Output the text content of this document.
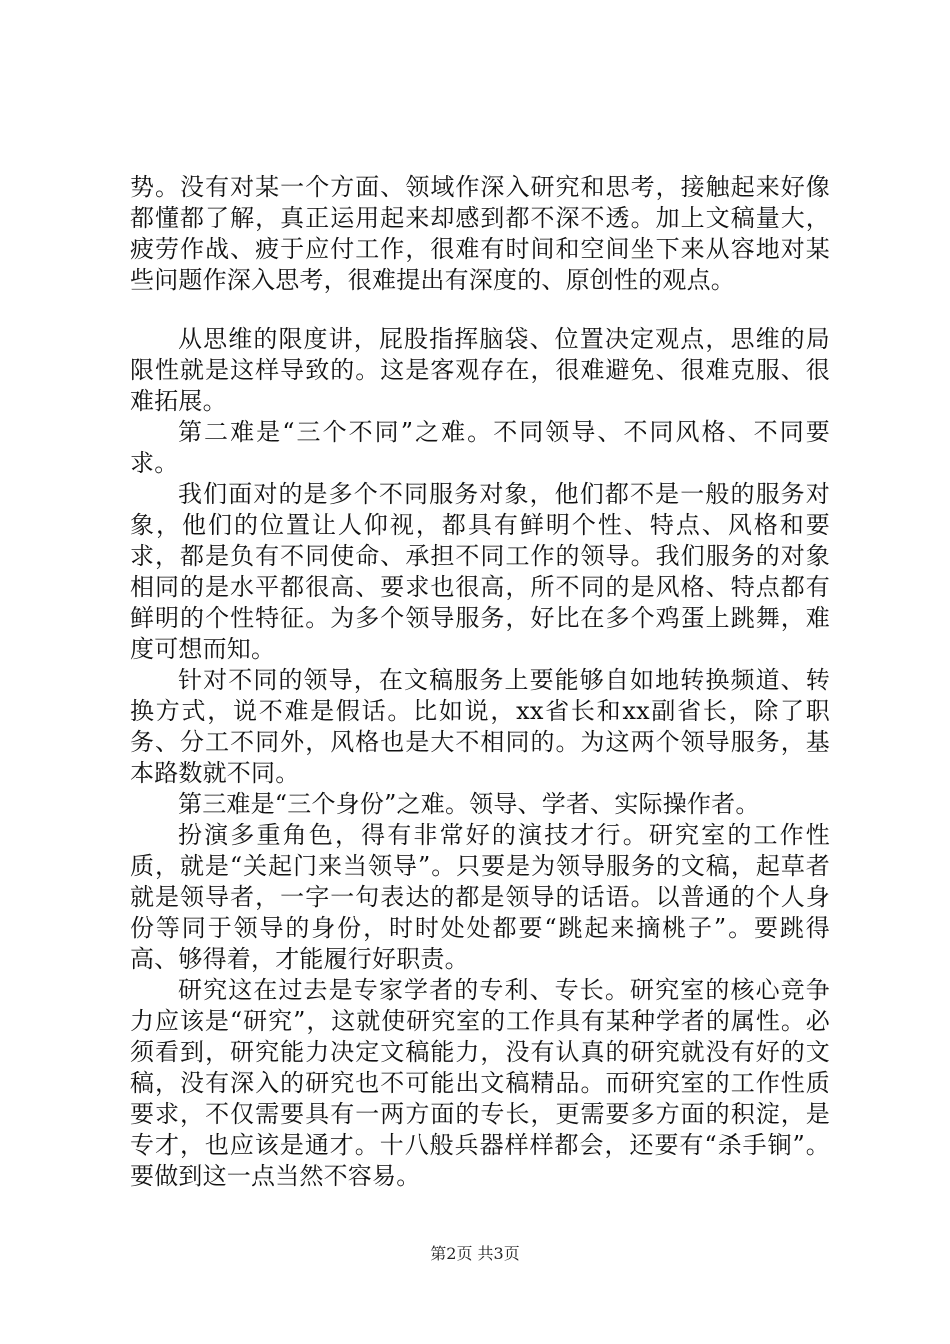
势。没有对某一个方面、领域作深入研究和思考，接触起来好像都懂都了解，真正运用起来却感到都不深不透。加上文稿量大，疲劳作战、疲于应付工作，很难有时间和空间坐下来从容地对某些问题作深入思考，很难提出有深度的、原创性的观点。

从思维的限度讲，屁股指挥脑袋、位置决定观点，思维的局限性就是这样导致的。这是客观存在，很难避免、很难克服、很难拓展。

第二难是“三个不同”之难。不同领导、不同风格、不同要求。

我们面对的是多个不同服务对象，他们都不是一般的服务对象，他们的位置让人仰视，都具有鲜明个性、特点、风格和要求，都是负有不同使命、承担不同工作的领导。我们服务的对象相同的是水平都很高、要求也很高，所不同的是风格、特点都有鲜明的个性特征。为多个领导服务，好比在多个鸡蛋上跳舞，难度可想而知。

针对不同的领导，在文稿服务上要能够自如地转换频道、转换方式，说不难是假话。比如说，xx省长和xx副省长，除了职务、分工不同外，风格也是大不相同的。为这两个领导服务，基本路数就不同。

第三难是“三个身份”之难。领导、学者、实际操作者。

扮演多重角色，得有非常好的演技才行。研究室的工作性质，就是“关起门来当领导”。只要是为领导服务的文稿，起草者就是领导者，一字一句表达的都是领导的话语。以普通的个人身份等同于领导的身份，时时处处都要“跳起来摘桃子”。要跳得高、够得着，才能履行好职责。

研究这在过去是专家学者的专利、专长。研究室的核心竞争力应该是“研究”，这就使研究室的工作具有某种学者的属性。必须看到，研究能力决定文稿能力，没有认真的研究就没有好的文稿，没有深入的研究也不可能出文稿精品。而研究室的工作性质要求，不仅需要具有一两方面的专长，更需要多方面的积淀，是专才，也应该是通才。十八般兵器样样都会，还要有“杀手锏”。要做到这一点当然不容易。

第2页 共3页
